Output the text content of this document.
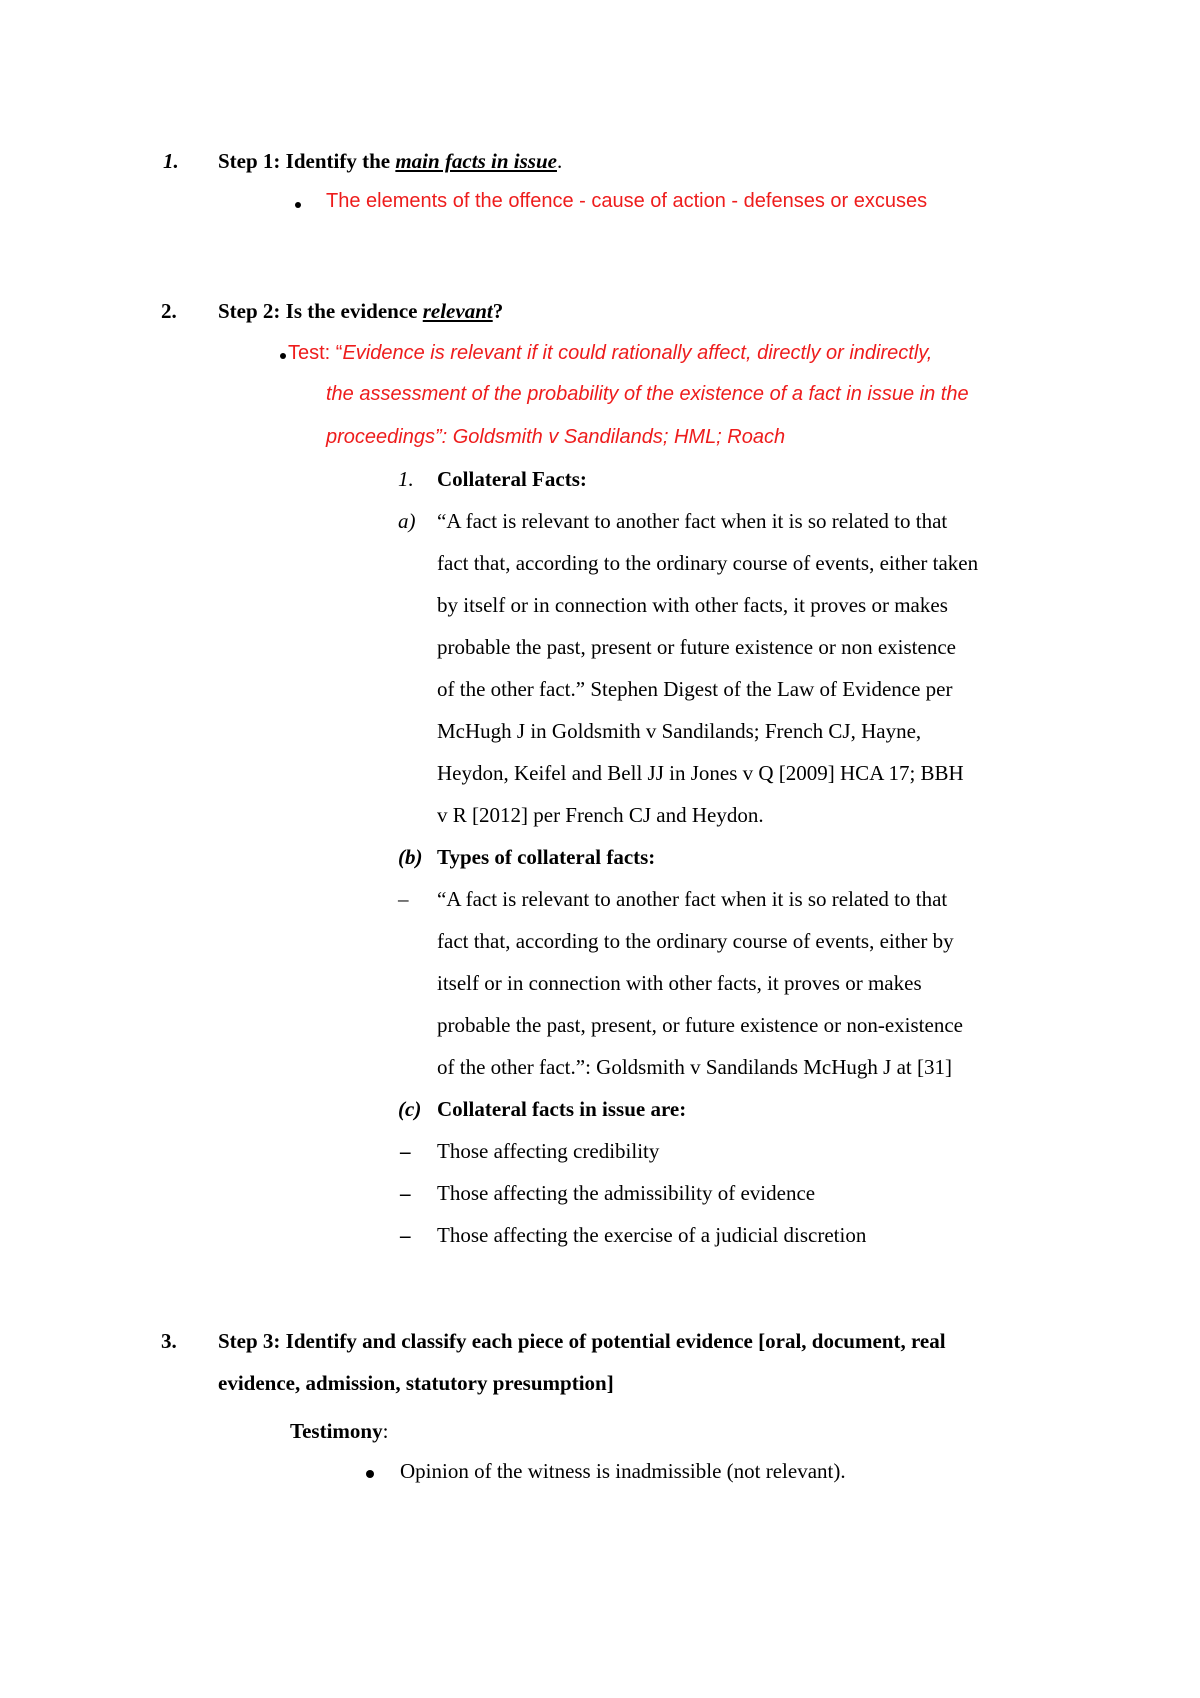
1. Step 1: Identify the main facts in issue.
The elements of the offence - cause of action - defenses or excuses
2. Step 2: Is the evidence relevant?
Test: “Evidence is relevant if it could rationally affect, directly or indirectly,
the assessment of the probability of the existence of a fact in issue in the
proceedings”: Goldsmith v Sandilands; HML; Roach
1. Collateral Facts:
a) “A fact is relevant to another fact when it is so related to that
fact that, according to the ordinary course of events, either taken
by itself or in connection with other facts, it proves or makes
probable the past, present or future existence or non existence
of the other fact.” Stephen Digest of the Law of Evidence per
McHugh J in Goldsmith v Sandilands; French CJ, Hayne,
Heydon, Keifel and Bell JJ in Jones v Q [2009] HCA 17; BBH
v R [2012] per French CJ and Heydon.
(b) Types of collateral facts:
– “A fact is relevant to another fact when it is so related to that
fact that, according to the ordinary course of events, either by
itself or in connection with other facts, it proves or makes
probable the past, present, or future existence or non-existence
of the other fact.”: Goldsmith v Sandilands McHugh J at [31]
(c) Collateral facts in issue are:
– Those affecting credibility
– Those affecting the admissibility of evidence
– Those affecting the exercise of a judicial discretion
3. Step 3: Identify and classify each piece of potential evidence [oral, document, real
evidence, admission, statutory presumption]
Testimony:
Opinion of the witness is inadmissible (not relevant).
